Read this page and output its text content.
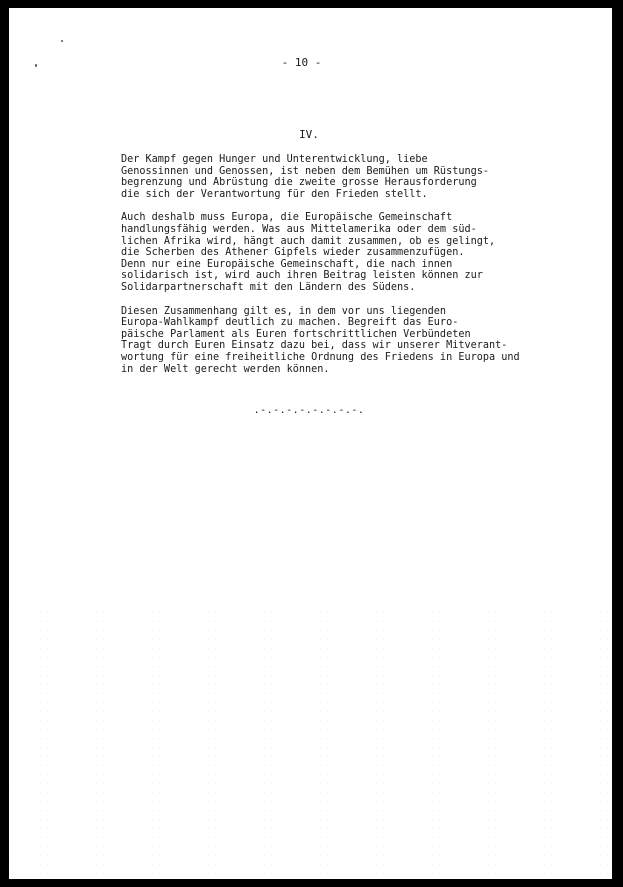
- 10 -

IV.

Der Kampf gegen Hunger und Unterentwicklung, liebe
Genossinnen und Genossen, ist neben dem Bemühen um Rüstungs-
begrenzung und Abrüstung die zweite grosse Herausforderung
die sich der Verantwortung für den Frieden stellt.
Auch deshalb muss Europa, die Europäische Gemeinschaft
handlungsfähig werden. Was aus Mittelamerika oder dem süd-
lichen Afrika wird, hängt auch damit zusammen, ob es gelingt,
die Scherben des Athener Gipfels wieder zusammenzufügen.
Denn nur eine Europäische Gemeinschaft, die nach innen
solidarisch ist, wird auch ihren Beitrag leisten können zur
Solidarpartnerschaft mit den Ländern des Südens.
Diesen Zusammenhang gilt es, in dem vor uns liegenden
Europa-Wahlkampf deutlich zu machen. Begreift das Euro-
päische Parlament als Euren fortschrittlichen Verbündeten
Tragt durch Euren Einsatz dazu bei, dass wir unserer Mitverant-
wortung für eine freiheitliche Ordnung des Friedens in Europa und
in der Welt gerecht werden können.

.-.-.-.-.-.-.-.-.
